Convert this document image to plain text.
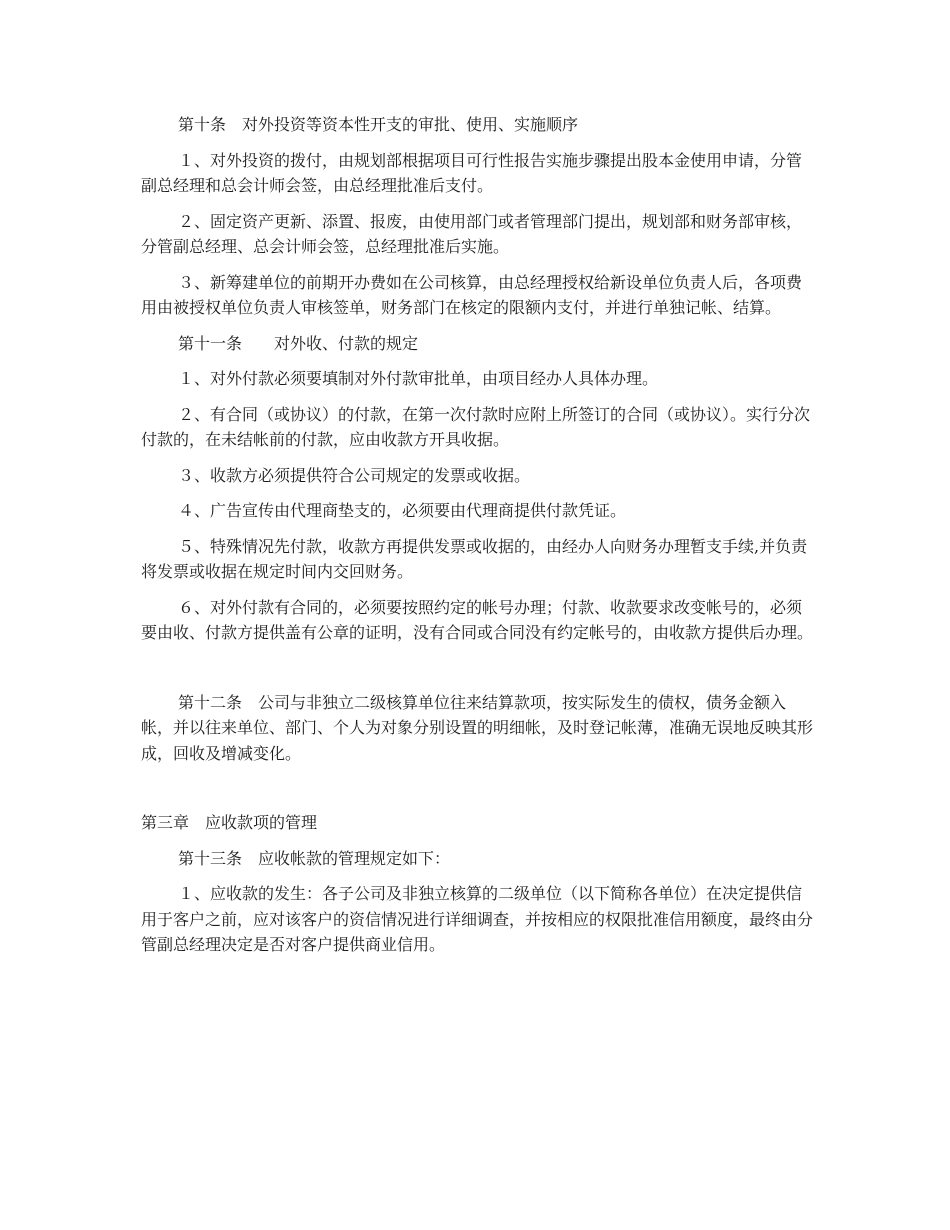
第十条　对外投资等资本性开支的审批、使用、实施顺序

１、对外投资的拨付，由规划部根据项目可行性报告实施步骤提出股本金使用申请，分管副总经理和总会计师会签，由总经理批准后支付。

２、固定资产更新、添置、报废，由使用部门或者管理部门提出，规划部和财务部审核，分管副总经理、总会计师会签，总经理批准后实施。

３、新筹建单位的前期开办费如在公司核算，由总经理授权给新设单位负责人后，各项费用由被授权单位负责人审核签单，财务部门在核定的限额内支付，并进行单独记帐、结算。

第十一条　　对外收、付款的规定

１、对外付款必须要填制对外付款审批单，由项目经办人具体办理。

２、有合同（或协议）的付款，在第一次付款时应附上所签订的合同（或协议）。实行分次付款的，在未结帐前的付款，应由收款方开具收据。

３、收款方必须提供符合公司规定的发票或收据。

４、广告宣传由代理商垫支的，必须要由代理商提供付款凭证。

５、特殊情况先付款，收款方再提供发票或收据的，由经办人向财务办理暂支手续,并负责将发票或收据在规定时间内交回财务。

６、对外付款有合同的，必须要按照约定的帐号办理；付款、收款要求改变帐号的，必须要由收、付款方提供盖有公章的证明，没有合同或合同没有约定帐号的，由收款方提供后办理。

第十二条　公司与非独立二级核算单位往来结算款项，按实际发生的债权，债务金额入帐，并以往来单位、部门、个人为对象分别设置的明细帐，及时登记帐薄，准确无误地反映其形成，回收及增减变化。

第三章　应收款项的管理

第十三条　应收帐款的管理规定如下：

１、应收款的发生：各子公司及非独立核算的二级单位（以下简称各单位）在决定提供信用于客户之前，应对该客户的资信情况进行详细调查，并按相应的权限批准信用额度，最终由分管副总经理决定是否对客户提供商业信用。
